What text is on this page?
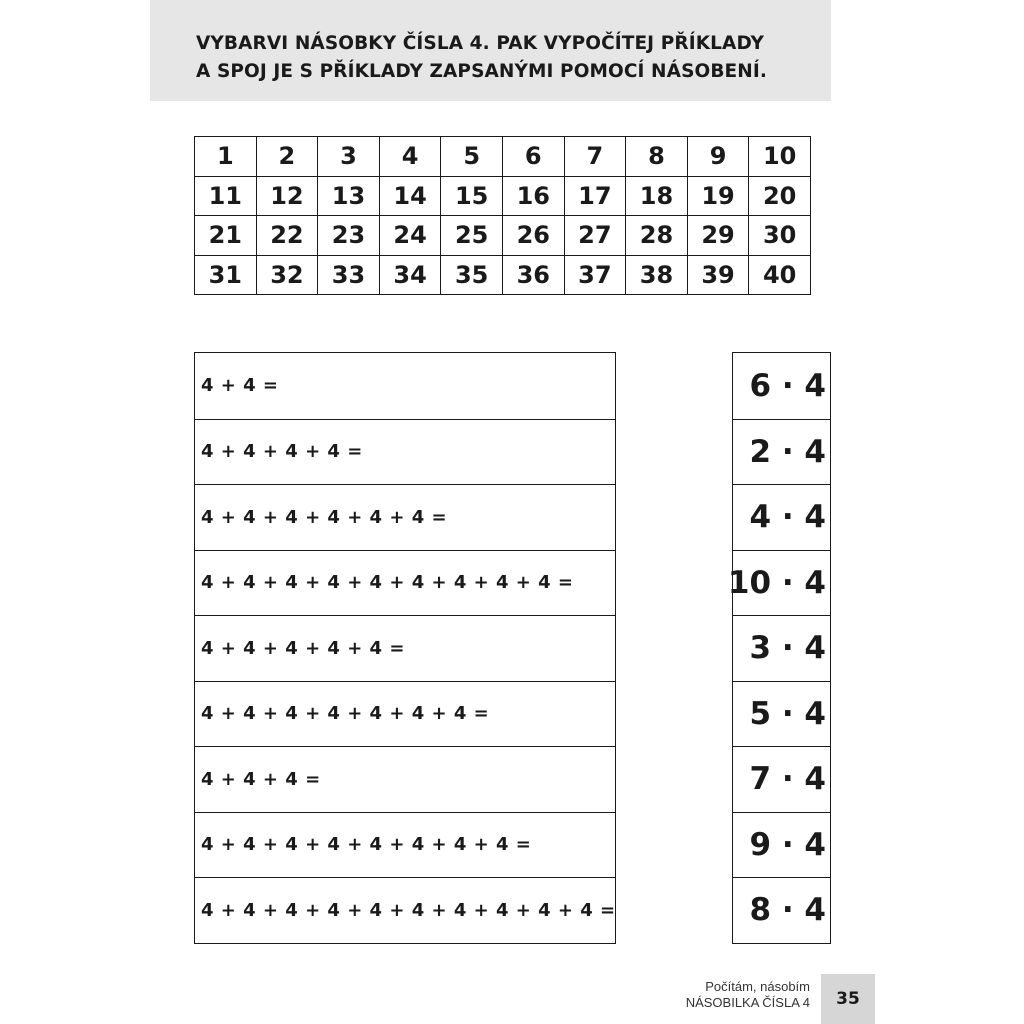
VYBARVI NÁSOBKY ČÍSLA 4. PAK VYPOČÍTEJ PŘÍKLADY
A SPOJ JE S PŘÍKLADY ZAPSANÝMI POMOCÍ NÁSOBENÍ.
1	2	3	4	5	6	7	8	9	10
11	12	13	14	15	16	17	18	19	20
21	22	23	24	25	26	27	28	29	30
31	32	33	34	35	36	37	38	39	40
4 + 4 =
4 + 4 + 4 + 4 =
4 + 4 + 4 + 4 + 4 + 4 =
4 + 4 + 4 + 4 + 4 + 4 + 4 + 4 + 4 =
4 + 4 + 4 + 4 + 4 =
4 + 4 + 4 + 4 + 4 + 4 + 4 =
4 + 4 + 4 =
4 + 4 + 4 + 4 + 4 + 4 + 4 + 4 =
4 + 4 + 4 + 4 + 4 + 4 + 4 + 4 + 4 + 4 =
6 · 4
2 · 4
4 · 4
10 · 4
3 · 4
5 · 4
7 · 4
9 · 4
8 · 4
Počítám, násobím
NÁSOBILKA ČÍSLA 4	35
